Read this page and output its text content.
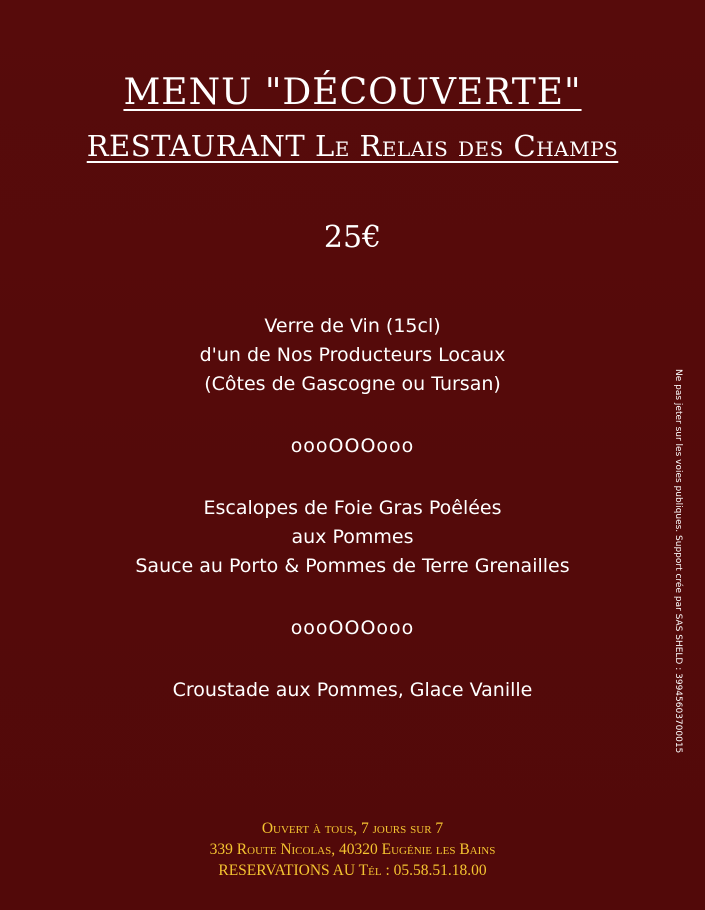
MENU "DÉCOUVERTE"
RESTAURANT Le Relais des Champs
25€
Verre de Vin (15cl)
d'un de Nos Producteurs Locaux
(Côtes de Gascogne ou Tursan)
oooOOOooo
Escalopes de Foie Gras Poêlées
aux Pommes
Sauce au Porto & Pommes de Terre Grenailles
oooOOOooo
Croustade aux Pommes, Glace Vanille
Ouvert à tous, 7 jours sur 7
339 Route Nicolas, 40320 Eugénie les Bains
RESERVATIONS AU Tél : 05.58.51.18.00
Ne pas jeter sur les voies publiques. Support crée par SAS SHELD : 39945603700015
